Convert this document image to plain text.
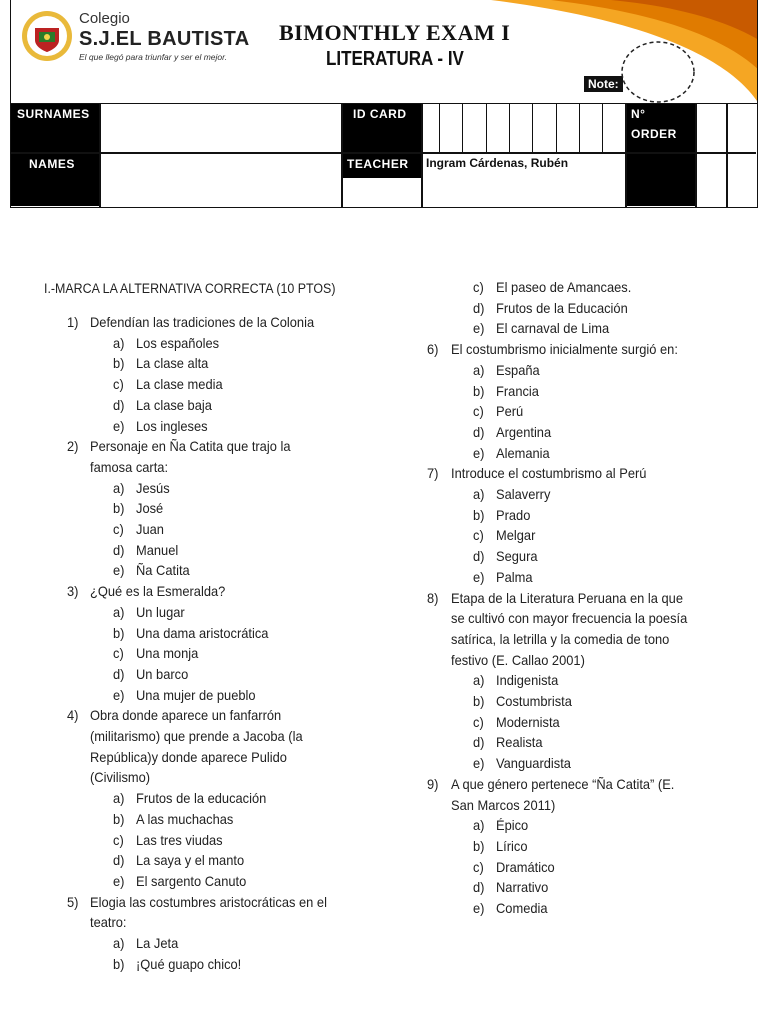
Colegio
S.J.EL BAUTISTA
El que llegó para triunfar y ser el mejor.
BIMONTHLY EXAM I
LITERATURA - IV
Note:
SURNAMES
NAMES
ID CARD
TEACHER
N°
ORDER
Ingram Cárdenas, Rubén
I.-MARCA LA ALTERNATIVA CORRECTA (10 PTOS)
1) Defendían las tradiciones de la Colonia
a) Los españoles
b) La clase alta
c) La clase media
d) La clase baja
e) Los ingleses
2) Personaje en Ña Catita que trajo la
famosa carta:
a) Jesús
b) José
c) Juan
d) Manuel
e) Ña Catita
3) ¿Qué es la Esmeralda?
a) Un lugar
b) Una dama aristocrática
c) Una monja
d) Un barco
e) Una mujer de pueblo
4) Obra donde aparece un fanfarrón
(militarismo) que prende a Jacoba (la
República)y donde aparece Pulido
(Civilismo)
a) Frutos de la educación
b) A las muchachas
c) Las tres viudas
d) La saya y el manto
e) El sargento Canuto
5) Elogia las costumbres aristocráticas en el
teatro:
a) La Jeta
b) ¡Qué guapo chico!
c) El paseo de Amancaes.
d) Frutos de la Educación
e) El carnaval de Lima
6) El costumbrismo inicialmente surgió en:
a) España
b) Francia
c) Perú
d) Argentina
e) Alemania
7) Introduce el costumbrismo al Perú
a) Salaverry
b) Prado
c) Melgar
d) Segura
e) Palma
8) Etapa de la Literatura Peruana en la que
se cultivó con mayor frecuencia la poesía
satírica, la letrilla y la comedia de tono
festivo (E. Callao 2001)
a) Indigenista
b) Costumbrista
c) Modernista
d) Realista
e) Vanguardista
9) A que género pertenece “Ña Catita” (E.
San Marcos 2011)
a) Épico
b) Lírico
c) Dramático
d) Narrativo
e) Comedia
